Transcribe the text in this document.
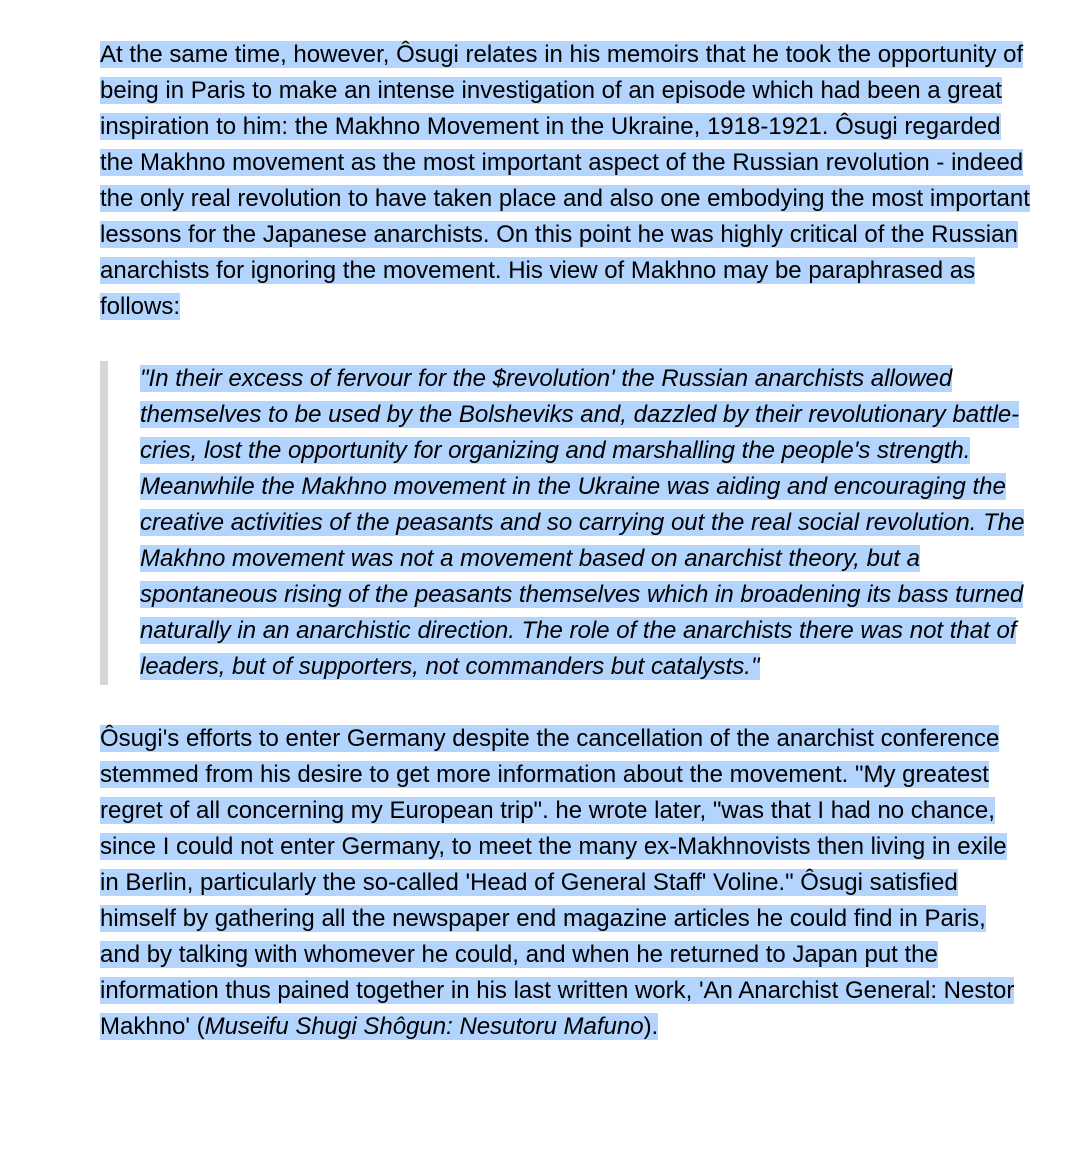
At the same time, however, Ôsugi relates in his memoirs that he took the opportunity of being in Paris to make an intense investigation of an episode which had been a great inspiration to him: the Makhno Movement in the Ukraine, 1918-1921. Ôsugi regarded the Makhno movement as the most important aspect of the Russian revolution - indeed the only real revolution to have taken place and also one embodying the most important lessons for the Japanese anarchists. On this point he was highly critical of the Russian anarchists for ignoring the movement. His view of Makhno may be paraphrased as follows:

"In their excess of fervour for the $revolution' the Russian anarchists allowed themselves to be used by the Bolsheviks and, dazzled by their revolutionary battle-cries, lost the opportunity for organizing and marshalling the people's strength. Meanwhile the Makhno movement in the Ukraine was aiding and encouraging the creative activities of the peasants and so carrying out the real social revolution. The Makhno movement was not a movement based on anarchist theory, but a spontaneous rising of the peasants themselves which in broadening its bass turned naturally in an anarchistic direction. The role of the anarchists there was not that of leaders, but of supporters, not commanders but catalysts."

Ôsugi's efforts to enter Germany despite the cancellation of the anarchist conference stemmed from his desire to get more information about the movement. "My greatest regret of all concerning my European trip". he wrote later, "was that I had no chance, since I could not enter Germany, to meet the many ex-Makhnovists then living in exile in Berlin, particularly the so-called 'Head of General Staff' Voline." Ôsugi satisfied himself by gathering all the newspaper end magazine articles he could find in Paris, and by talking with whomever he could, and when he returned to Japan put the information thus pained together in his last written work, 'An Anarchist General: Nestor Makhno' (Museifu Shugi Shôgun: Nesutoru Mafuno).
